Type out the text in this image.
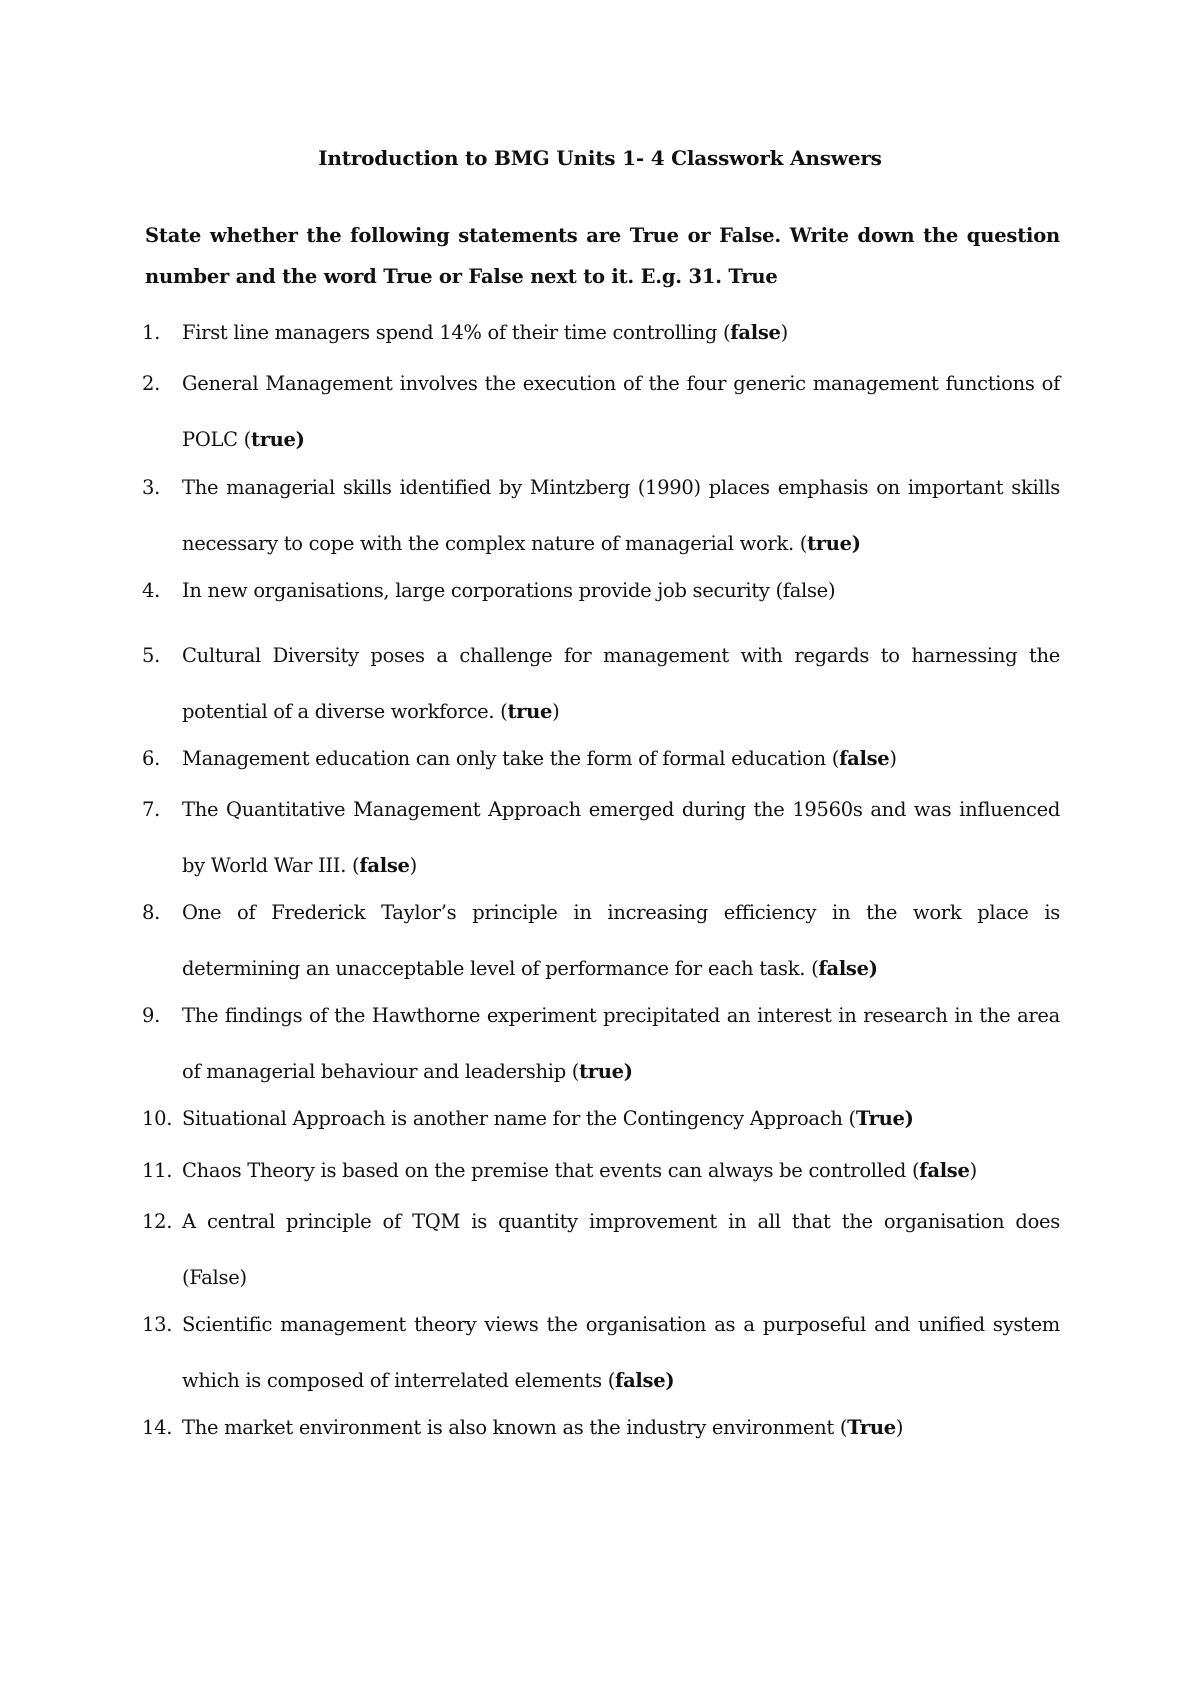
Introduction to BMG Units 1- 4 Classwork Answers
State whether the following statements are True or False. Write down the question number and the word True or False next to it. E.g. 31. True
1.	First line managers spend 14% of their time controlling (false)
2.	General Management involves the execution of the four generic management functions of POLC (true)
3.	The managerial skills identified by Mintzberg (1990) places emphasis on important skills necessary to cope with the complex nature of managerial work. (true)
4.	In new organisations, large corporations provide job security (false)
5.	Cultural Diversity poses a challenge for management with regards to harnessing the potential of a diverse workforce. (true)
6.	Management education can only take the form of formal education (false)
7.	The Quantitative Management Approach emerged during the 19560s and was influenced by World War III. (false)
8.	One of Frederick Taylor’s principle in increasing efficiency in the work place is determining an unacceptable level of performance for each task. (false)
9.	The findings of the Hawthorne experiment precipitated an interest in research in the area of managerial behaviour and leadership (true)
10. Situational Approach is another name for the Contingency Approach (True)
11. Chaos Theory is based on the premise that events can always be controlled (false)
12. A central principle of TQM is quantity improvement in all that the organisation does (False)
13. Scientific management theory views the organisation as a purposeful and unified system which is composed of interrelated elements (false)
14. The market environment is also known as the industry environment (True)
